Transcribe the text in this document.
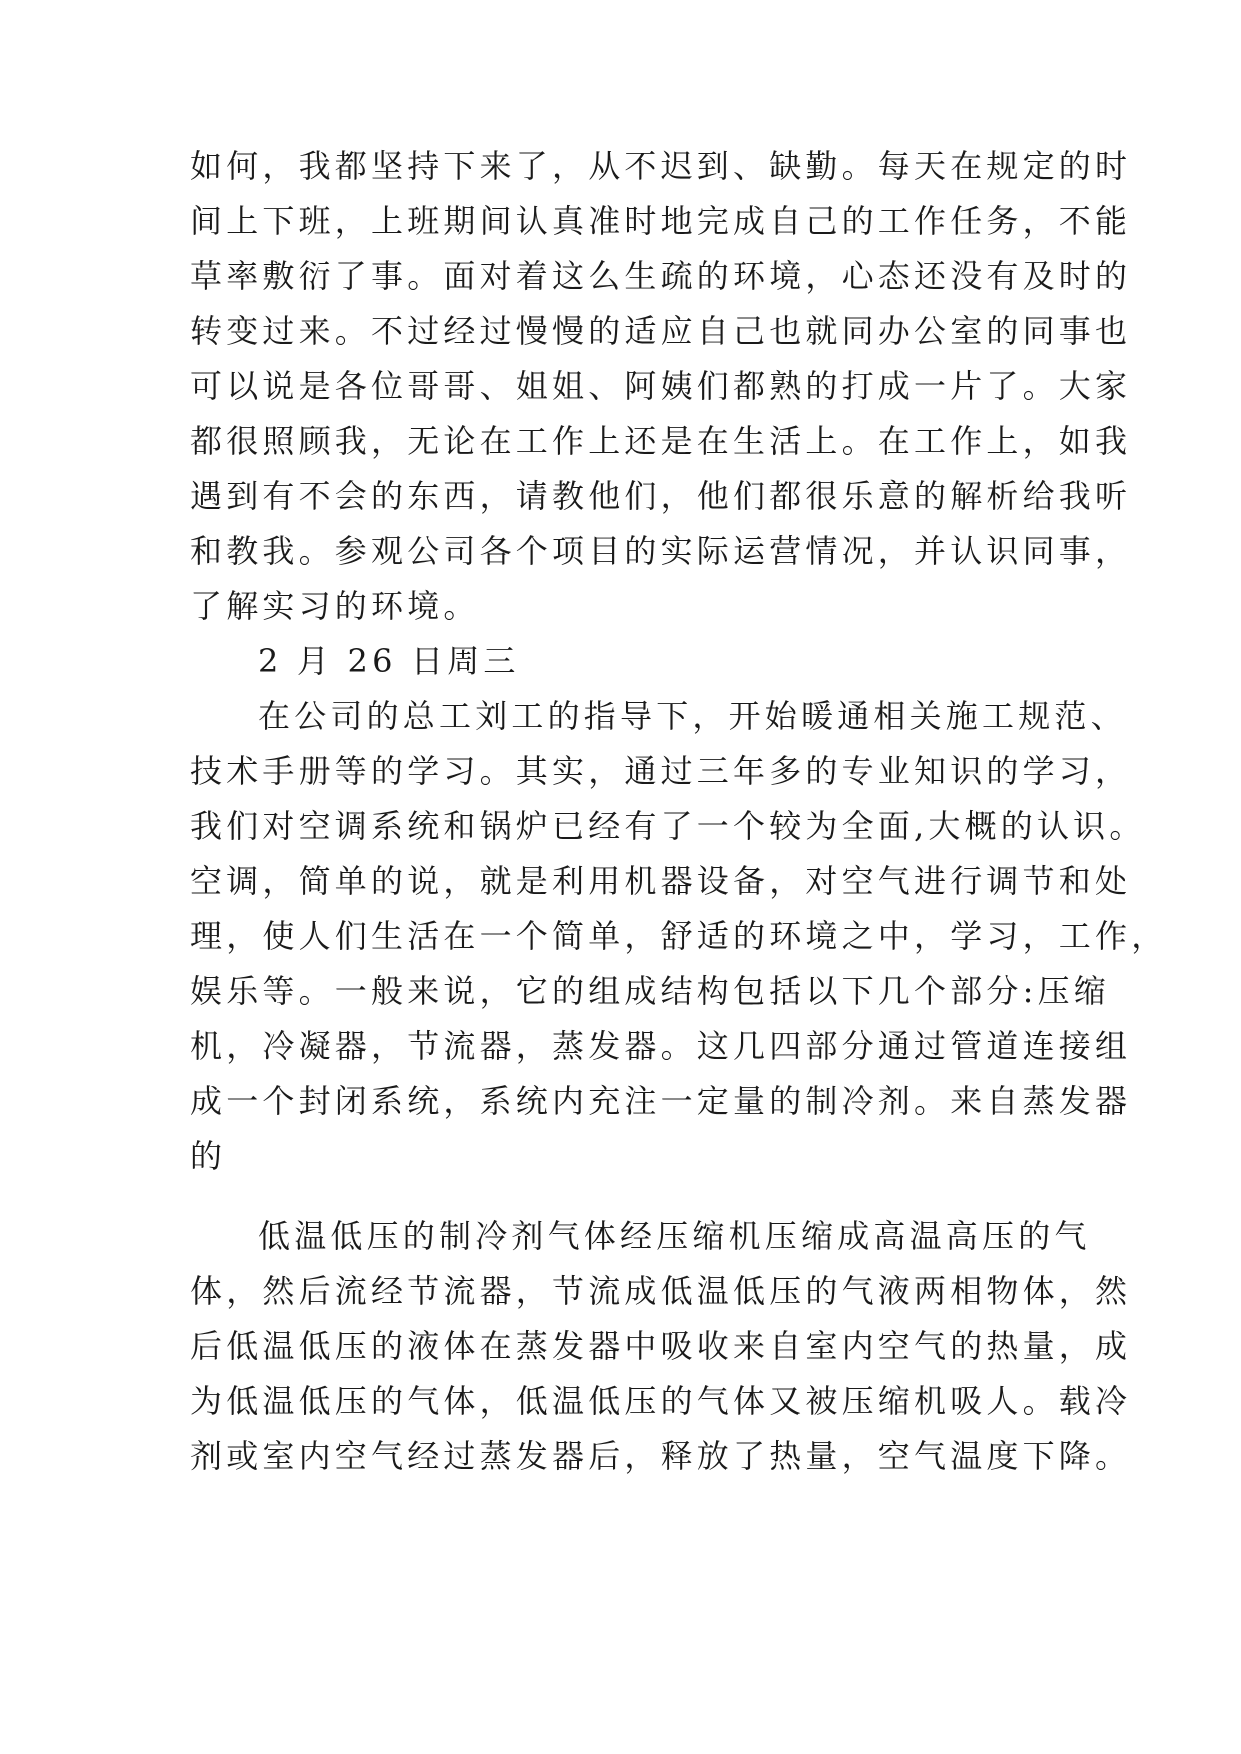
如何，我都坚持下来了，从不迟到、缺勤。每天在规定的时
间上下班，上班期间认真准时地完成自己的工作任务，不能
草率敷衍了事。面对着这么生疏的环境，心态还没有及时的
转变过来。不过经过慢慢的适应自己也就同办公室的同事也
可以说是各位哥哥、姐姐、阿姨们都熟的打成一片了。大家
都很照顾我，无论在工作上还是在生活上。在工作上，如我
遇到有不会的东西，请教他们，他们都很乐意的解析给我听
和教我。参观公司各个项目的实际运营情况，并认识同事，
了解实习的环境。
2 月 26 日周三
在公司的总工刘工的指导下，开始暖通相关施工规范、
技术手册等的学习。其实，通过三年多的专业知识的学习，
我们对空调系统和锅炉已经有了一个较为全面,大概的认识。
空调，简单的说，就是利用机器设备，对空气进行调节和处
理，使人们生活在一个简单，舒适的环境之中，学习，工作，
娱乐等。一般来说，它的组成结构包括以下几个部分:压缩
机，冷凝器，节流器，蒸发器。这几四部分通过管道连接组
成一个封闭系统，系统内充注一定量的制冷剂。来自蒸发器
的
低温低压的制冷剂气体经压缩机压缩成高温高压的气
体，然后流经节流器，节流成低温低压的气液两相物体，然
后低温低压的液体在蒸发器中吸收来自室内空气的热量，成
为低温低压的气体，低温低压的气体又被压缩机吸人。载冷
剂或室内空气经过蒸发器后，释放了热量，空气温度下降。
